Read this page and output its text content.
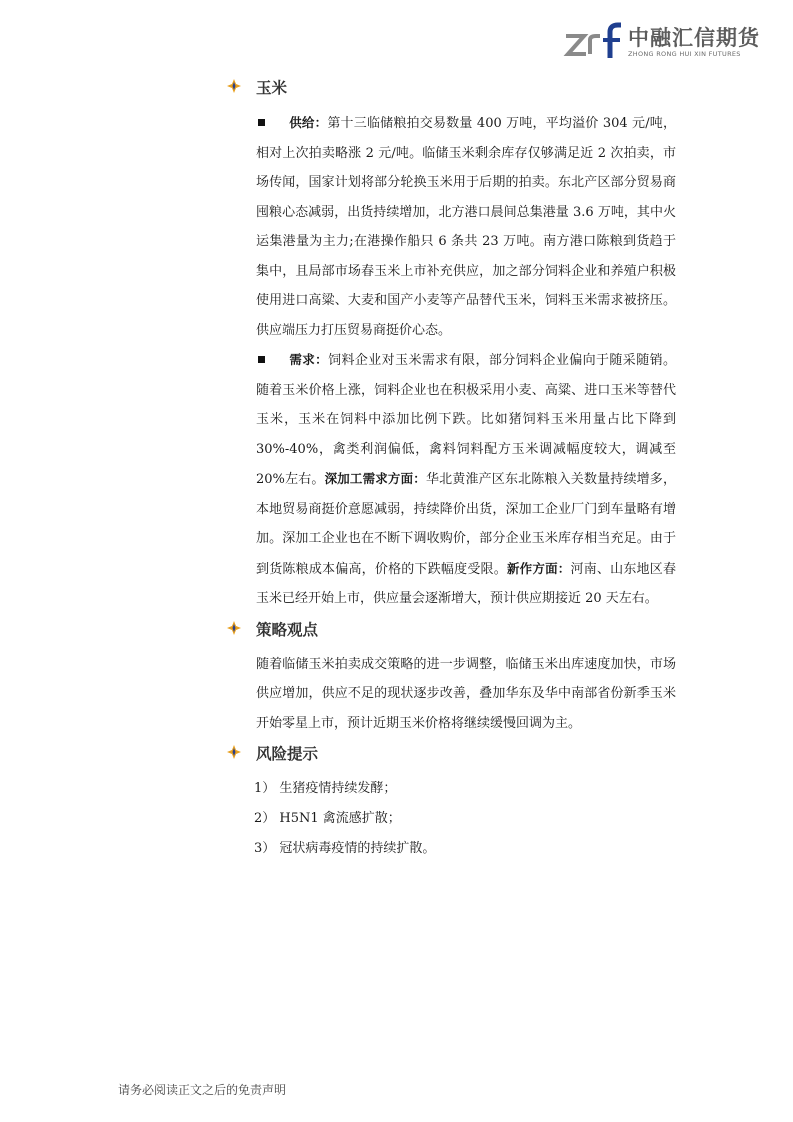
中融汇信期货
ZHONG RONG HUI XIN FUTURES
玉米
供给：第十三临储粮拍交易数量 400 万吨，平均溢价 304 元/吨，相对上次拍卖略涨 2 元/吨。临储玉米剩余库存仅够满足近 2 次拍卖，市场传闻，国家计划将部分轮换玉米用于后期的拍卖。东北产区部分贸易商囤粮心态减弱，出货持续增加，北方港口晨间总集港量 3.6 万吨，其中火运集港量为主力;在港操作船只 6 条共 23 万吨。南方港口陈粮到货趋于集中，且局部市场春玉米上市补充供应，加之部分饲料企业和养殖户积极使用进口高粱、大麦和国产小麦等产品替代玉米，饲料玉米需求被挤压。供应端压力打压贸易商挺价心态。
需求：饲料企业对玉米需求有限，部分饲料企业偏向于随采随销。随着玉米价格上涨，饲料企业也在积极采用小麦、高粱、进口玉米等替代玉米，玉米在饲料中添加比例下跌。比如猪饲料玉米用量占比下降到 30%-40%，禽类利润偏低，禽料饲料配方玉米调减幅度较大，调减至 20%左右。深加工需求方面：华北黄淮产区东北陈粮入关数量持续增多，本地贸易商挺价意愿减弱，持续降价出货，深加工企业厂门到车量略有增加。深加工企业也在不断下调收购价，部分企业玉米库存相当充足。由于到货陈粮成本偏高，价格的下跌幅度受限。新作方面：河南、山东地区春玉米已经开始上市，供应量会逐渐增大，预计供应期接近 20 天左右。
策略观点
随着临储玉米拍卖成交策略的进一步调整，临储玉米出库速度加快，市场供应增加，供应不足的现状逐步改善，叠加华东及华中南部省份新季玉米开始零星上市，预计近期玉米价格将继续缓慢回调为主。
风险提示
1） 生猪疫情持续发酵；
2） H5N1 禽流感扩散；
3） 冠状病毒疫情的持续扩散。
请务必阅读正文之后的免责声明
